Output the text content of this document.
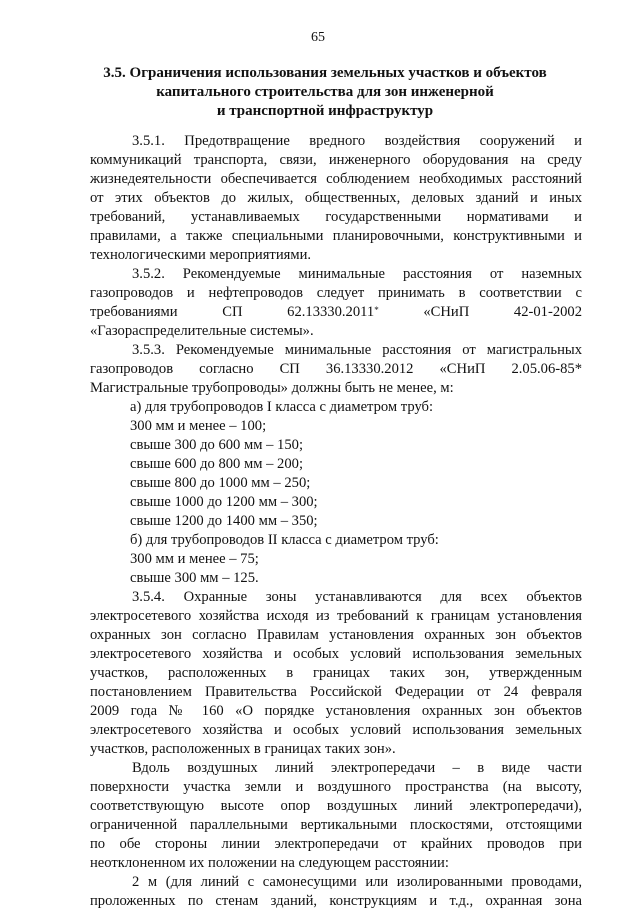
65
3.5. Ограничения использования земельных участков и объектов
капитального строительства для зон инженерной
и транспортной инфраструктур
3.5.1. Предотвращение вредного воздействия сооружений и
коммуникаций транспорта, связи, инженерного оборудования на среду
жизнедеятельности обеспечивается соблюдением необходимых расстояний
от этих объектов до жилых, общественных, деловых зданий и иных
требований, устанавливаемых государственными нормативами и
правилами, а также специальными планировочными, конструктивными и
технологическими мероприятиями.
3.5.2. Рекомендуемые минимальные расстояния от наземных
газопроводов и нефтепроводов следует принимать в соответствии с
требованиями СП 62.13330.2011* «СНиП 42-01-2002
«Газораспределительные системы».
3.5.3. Рекомендуемые минимальные расстояния от магистральных
газопроводов согласно СП 36.13330.2012 «СНиП 2.05.06-85*
Магистральные трубопроводы» должны быть не менее, м:
а) для трубопроводов I класса с диаметром труб:
300 мм и менее – 100;
свыше 300 до 600 мм – 150;
свыше 600 до 800 мм – 200;
свыше 800 до 1000 мм – 250;
свыше 1000 до 1200 мм – 300;
свыше 1200 до 1400 мм – 350;
б) для трубопроводов II класса с диаметром труб:
300 мм и менее – 75;
свыше 300 мм – 125.
3.5.4. Охранные зоны устанавливаются для всех объектов
электросетевого хозяйства исходя из требований к границам установления
охранных зон согласно Правилам установления охранных зон объектов
электросетевого хозяйства и особых условий использования земельных
участков, расположенных в границах таких зон, утвержденным
постановлением Правительства Российской Федерации от 24 февраля
2009 года № 160 «О порядке установления охранных зон объектов
электросетевого хозяйства и особых условий использования земельных
участков, расположенных в границах таких зон».
Вдоль воздушных линий электропередачи – в виде части
поверхности участка земли и воздушного пространства (на высоту,
соответствующую высоте опор воздушных линий электропередачи),
ограниченной параллельными вертикальными плоскостями, отстоящими
по обе стороны линии электропередачи от крайних проводов при
неотклоненном их положении на следующем расстоянии:
2 м (для линий с самонесущими или изолированными проводами,
проложенных по стенам зданий, конструкциям и т.д., охранная зона
